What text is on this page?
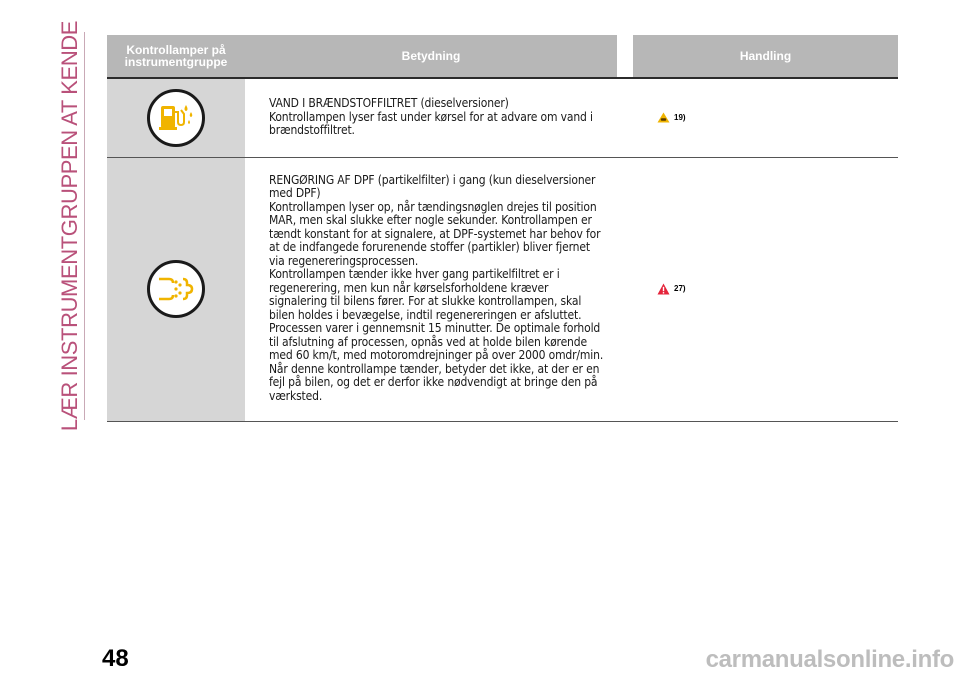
LÆR INSTRUMENTGRUPPEN AT KENDE	Kontrollamper på instrumentgruppe	Betydning		Handling

VAND I BRÆNDSTOFFILTRET (dieselversioner)

Kontrollampen lyser fast under kørsel for at advare om vand i brændstoffiltret.		19)

RENGØRING AF DPF (partikelfilter) i gang (kun dieselversioner med DPF)

Kontrollampen lyser op, når tændingsnøglen drejes til position MAR, men skal slukke efter nogle sekunder. Kontrollampen er tændt konstant for at signalere, at DPF-systemet har behov for at de indfangede forurenende stoffer (partikler) bliver fjernet via regenereringsprocessen.

Kontrollampen tænder ikke hver gang partikelfiltret er i regenerering, men kun når kørselsforholdene kræver signalering til bilens fører. For at slukke kontrollampen, skal bilen holdes i bevægelse, indtil regenereringen er afsluttet.

Processen varer i gennemsnit 15 minutter. De optimale forhold til afslutning af processen, opnås ved at holde bilen kørende med 60 km/t, med motoromdrejninger på over 2000 omdr/min.

Når denne kontrollampe tænder, betyder det ikke, at der er en fejl på bilen, og det er derfor ikke nødvendigt at bringe den på værksted.		27)
48	carmanualsonline.info
